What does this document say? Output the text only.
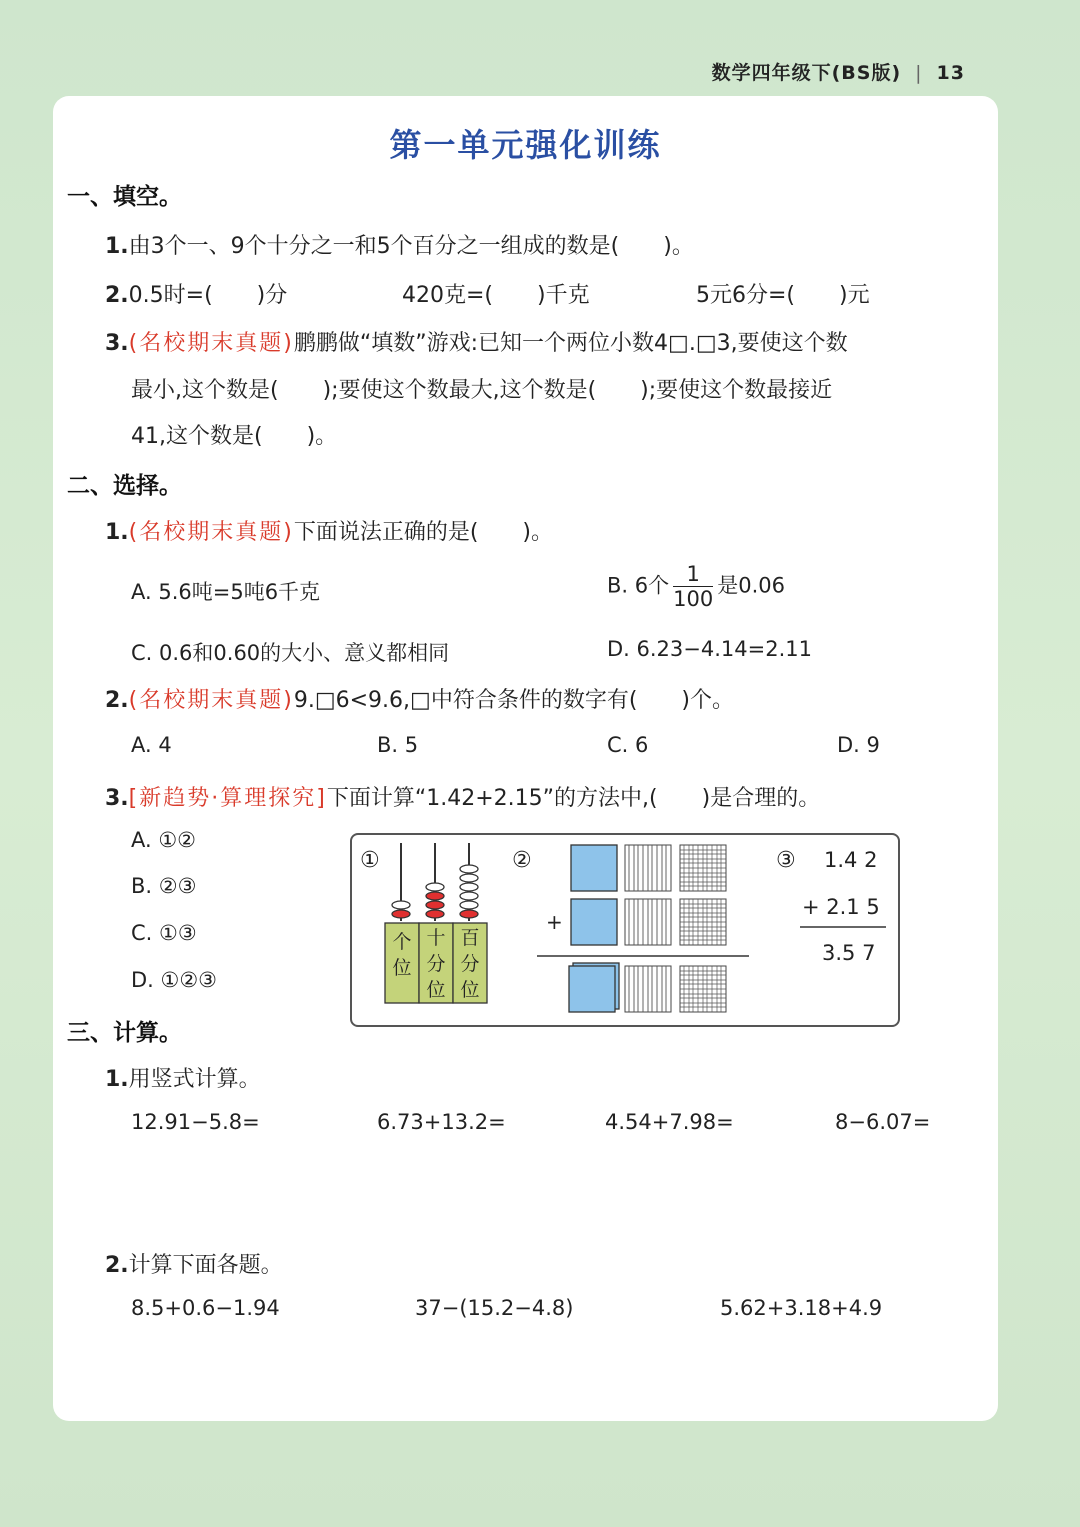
数学四年级下(BS版) | 13
第一单元强化训练
一、填空。
1.由3个一、9个十分之一和5个百分之一组成的数是(　　)。
2.0.5时=(　　)分	420克=(　　)千克	5元6分=(　　)元
3.(名校期末真题)鹏鹏做“填数”游戏:已知一个两位小数4□.□3,要使这个数
最小,这个数是(　　);要使这个数最大,这个数是(　　);要使这个数最接近
41,这个数是(　　)。
二、选择。
1.(名校期末真题)下面说法正确的是(　　)。
A. 5.6吨=5吨6千克	B. 6个 $\frac{1}{100}$ 是0.06
C. 0.6和0.60的大小、意义都相同	D. 6.23−4.14=2.11
2.(名校期末真题)9.□6<9.6,□中符合条件的数字有(　　)个。
A. 4	B. 5	C. 6	D. 9
3.[新趋势·算理探究]下面计算“1.42+2.15”的方法中,(　　)是合理的。
A. ①②
B. ②③
C. ①③
D. ①②③
①	②	③
+
1.4 2
+ 2.1 5
3.5 7
个位
十分位
百分位
三、计算。
1.用竖式计算。
12.91−5.8=	6.73+13.2=	4.54+7.98=	8−6.07=
2.计算下面各题。
8.5+0.6−1.94	37−(15.2−4.8)	5.62+3.18+4.9
